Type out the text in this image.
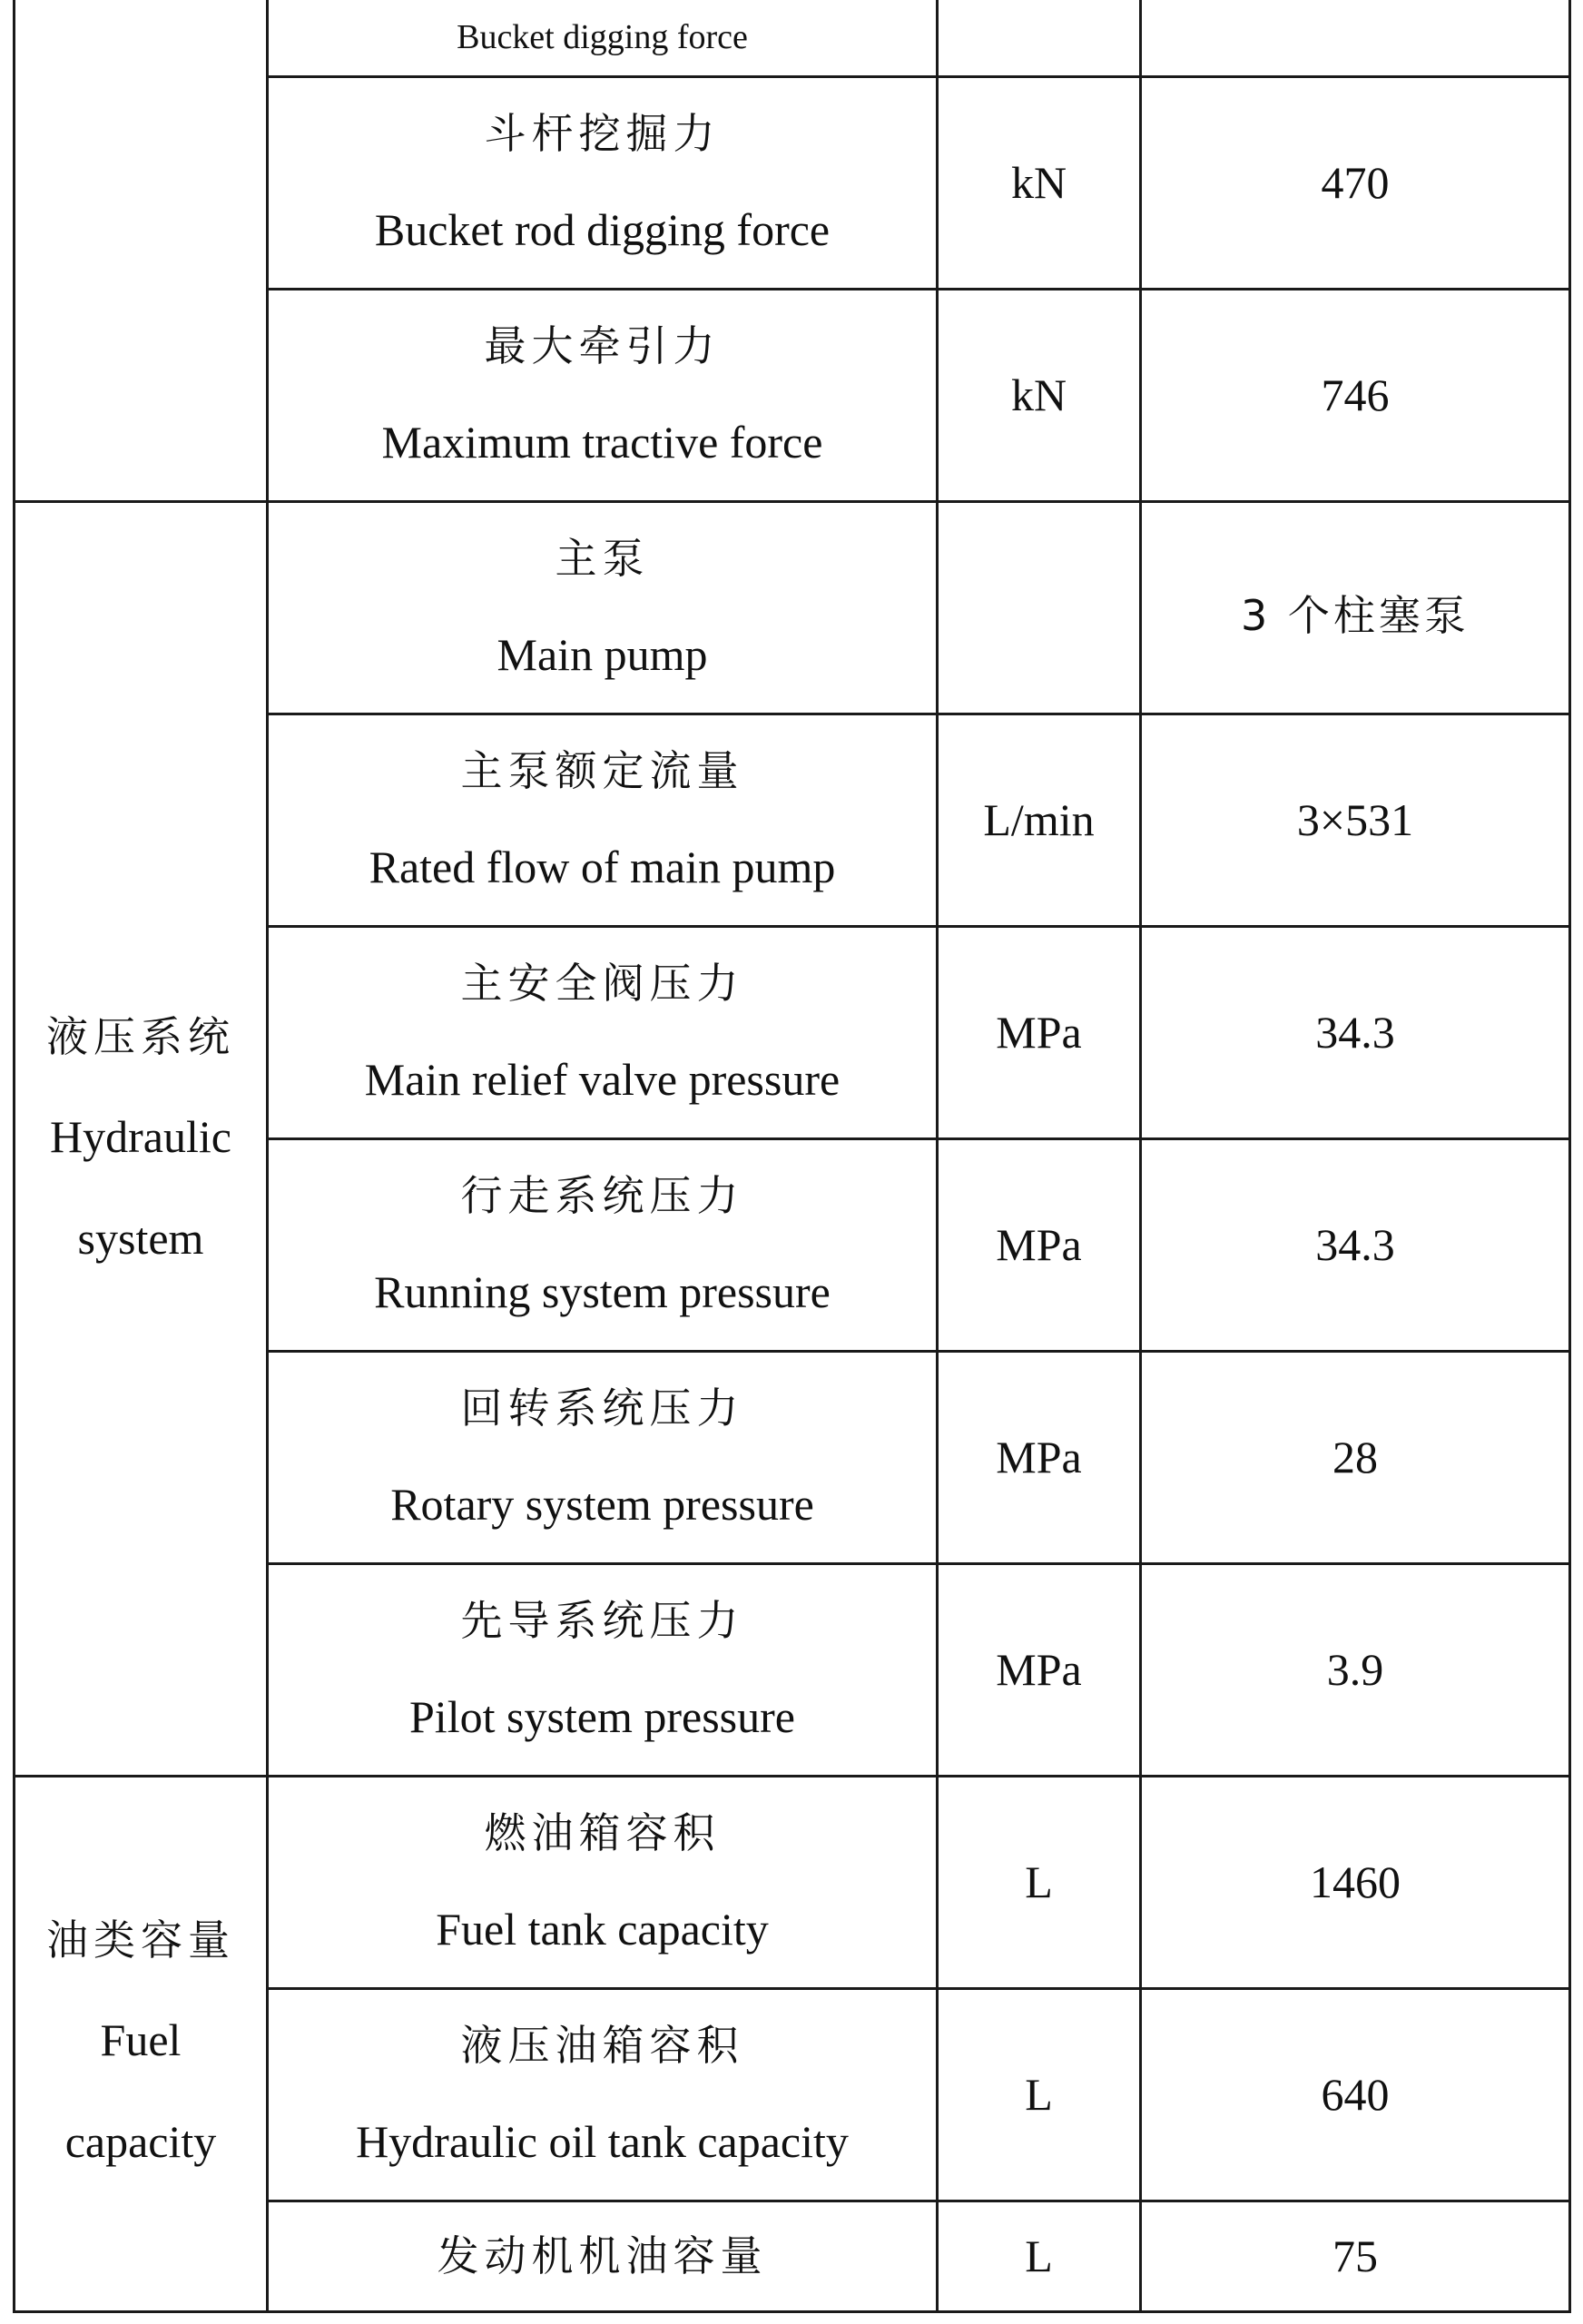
	Bucket digging force		

	斗杆挖掘力
Bucket rod digging force	kN	470

	最大牵引力
Maximum tractive force	kN	746

液压系统
Hydraulic
system	主泵
Main pump		3 个柱塞泵

	主泵额定流量
Rated flow of main pump	L/min	3×531

	主安全阀压力
Main relief valve pressure	MPa	34.3

	行走系统压力
Running system pressure	MPa	34.3

	回转系统压力
Rotary system pressure	MPa	28

	先导系统压力
Pilot system pressure	MPa	3.9

油类容量
Fuel
capacity	燃油箱容积
Fuel tank capacity	L	1460

	液压油箱容积
Hydraulic oil tank capacity	L	640
	发动机机油容量	L	75
